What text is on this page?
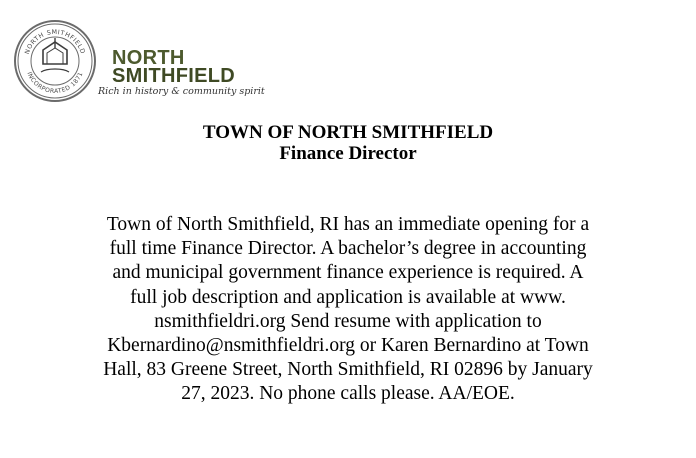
NORTH SMITHFIELD
INCORPORATED 1871
NORTH
SMITHFIELD
Rich in history & community spirit
TOWN OF NORTH SMITHFIELD
Finance Director
Town of North Smithfield, RI has an immediate opening for a
full time Finance Director. A bachelor’s degree in accounting
and municipal government finance experience is required. A
full job description and application is available at www.
nsmithfieldri.org Send resume with application to
Kbernardino@nsmithfieldri.org or Karen Bernardino at Town
Hall, 83 Greene Street, North Smithfield, RI 02896 by January
27, 2023. No phone calls please. AA/EOE.
